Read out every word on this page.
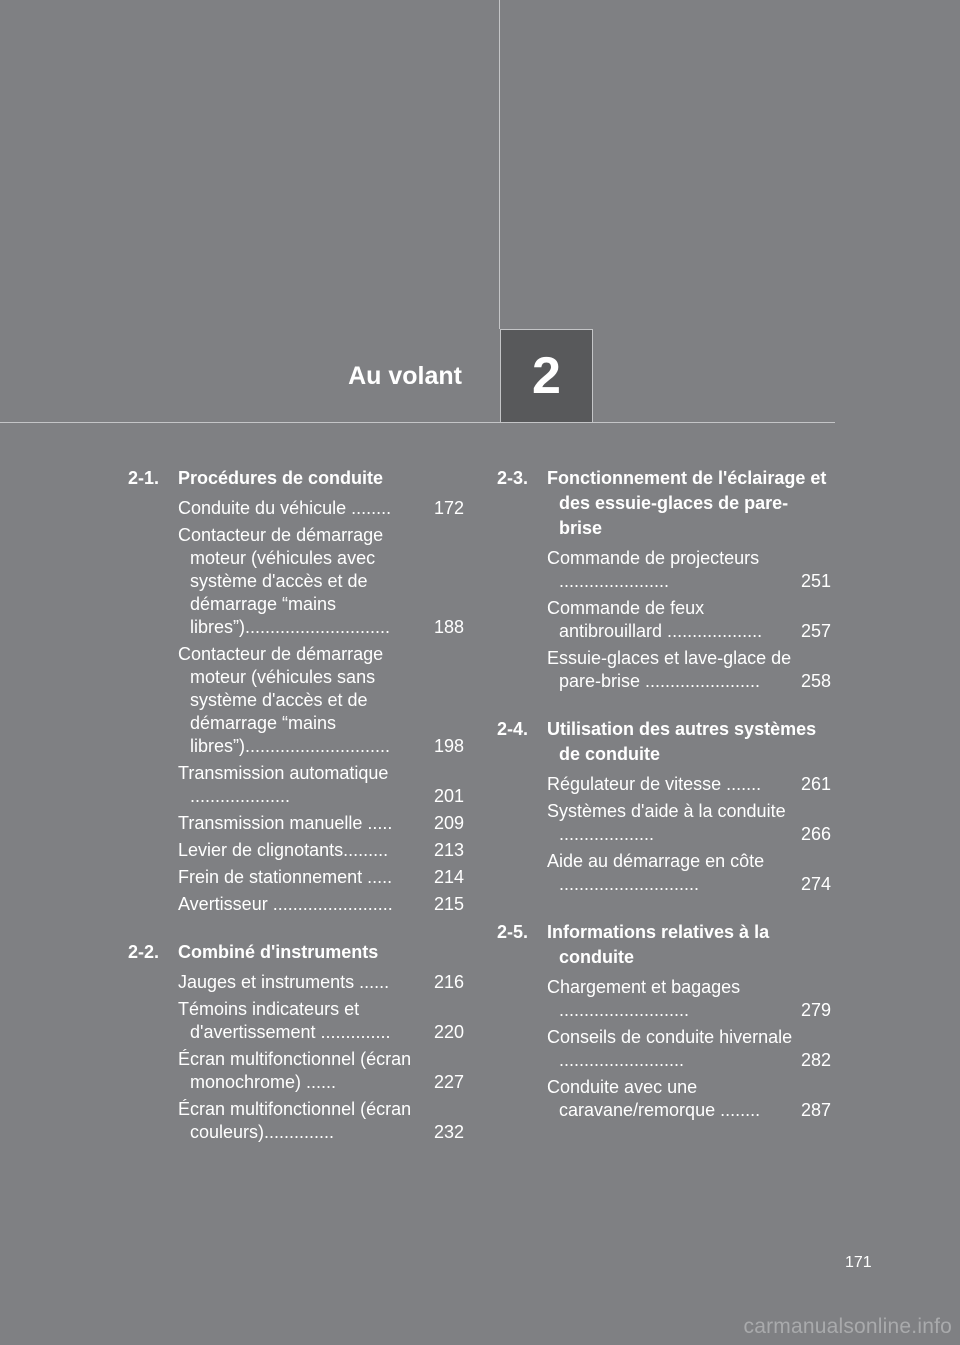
Au volant 2
2-1.	Procédures de conduite
Conduite du véhicule ........	172
Contacteur de démarrage moteur (véhicules avec système d'accès et de démarrage “mains libres”).............................	188
Contacteur de démarrage moteur (véhicules sans système d'accès et de démarrage “mains libres”).............................	198
Transmission automatique ....................	201
Transmission manuelle .....	209
Levier de clignotants.........	213
Frein de stationnement .....	214
Avertisseur ........................	215
2-2.	Combiné d'instruments
Jauges et instruments ......	216
Témoins indicateurs et d'avertissement ..............	220
Écran multifonctionnel (écran monochrome) ......	227
Écran multifonctionnel (écran couleurs)..............	232
2-3.	Fonctionnement de l'éclairage et des essuie-glaces de pare-brise
Commande de projecteurs ......................	251
Commande de feux antibrouillard ...................	257
Essuie-glaces et lave-glace de pare-brise .......................	258
2-4.	Utilisation des autres systèmes de conduite
Régulateur de vitesse .......	261
Systèmes d'aide à la conduite ...................	266
Aide au démarrage en côte ............................	274
2-5.	Informations relatives à la conduite
Chargement et bagages ..........................	279
Conseils de conduite hivernale .........................	282
Conduite avec une caravane/remorque ........	287
171
carmanualsonline.info
